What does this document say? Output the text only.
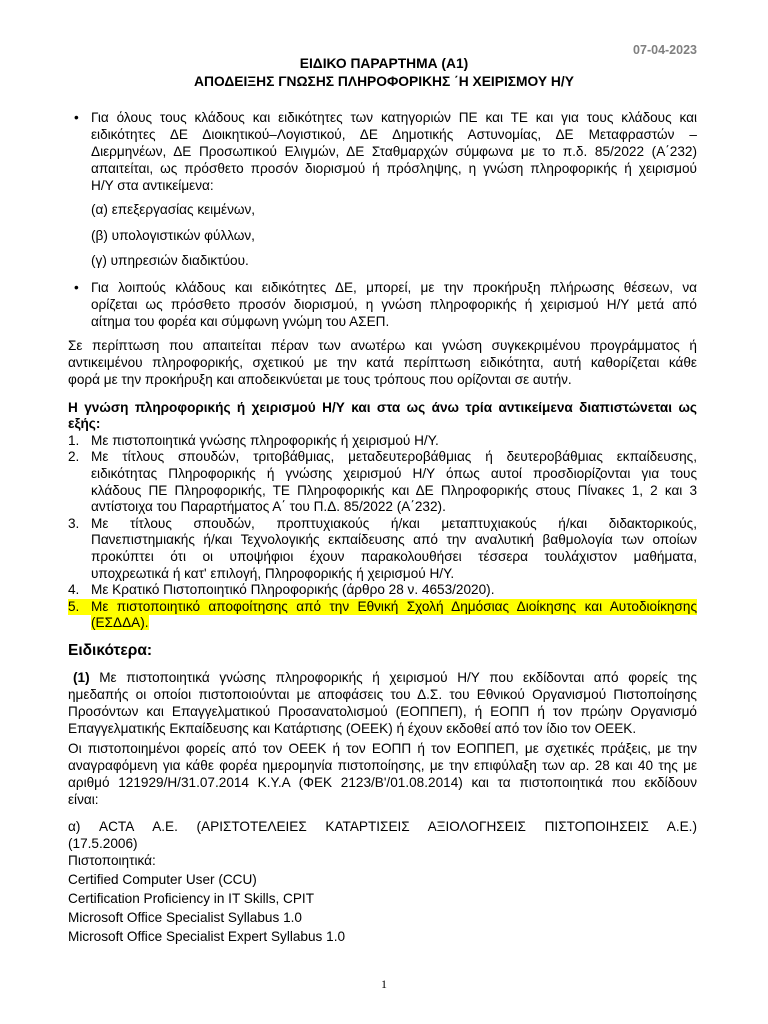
07-04-2023
ΕΙΔΙΚΟ ΠΑΡΑΡΤΗΜΑ (Α1)
ΑΠΟΔΕΙΞΗΣ ΓΝΩΣΗΣ ΠΛΗΡΟΦΟΡΙΚΗΣ ΄Η ΧΕΙΡΙΣΜΟΥ Η/Υ
• Για όλους τους κλάδους και ειδικότητες των κατηγοριών ΠΕ και ΤΕ και για τους κλάδους και
ειδικότητες ΔΕ Διοικητικού–Λογιστικού, ΔΕ Δημοτικής Αστυνομίας, ΔΕ Μεταφραστών –
Διερμηνέων, ΔΕ Προσωπικού Ελιγμών, ΔΕ Σταθμαρχών σύμφωνα με το π.δ. 85/2022 (Α΄232)
απαιτείται, ως πρόσθετο προσόν διορισμού ή πρόσληψης, η γνώση πληροφορικής ή χειρισμού
Η/Υ στα αντικείμενα:
(α) επεξεργασίας κειμένων,
(β) υπολογιστικών φύλλων,
(γ) υπηρεσιών διαδικτύου.
• Για λοιπούς κλάδους και ειδικότητες ΔΕ, μπορεί, με την προκήρυξη πλήρωσης θέσεων, να
ορίζεται ως πρόσθετο προσόν διορισμού, η γνώση πληροφορικής ή χειρισμού Η/Υ μετά από
αίτημα του φορέα και σύμφωνη γνώμη του ΑΣΕΠ.
Σε περίπτωση που απαιτείται πέραν των ανωτέρω και γνώση συγκεκριμένου προγράμματος ή
αντικειμένου πληροφορικής, σχετικού με την κατά περίπτωση ειδικότητα, αυτή καθορίζεται κάθε
φορά με την προκήρυξη και αποδεικνύεται με τους τρόπους που ορίζονται σε αυτήν.
Η γνώση πληροφορικής ή χειρισμού Η/Υ και στα ως άνω τρία αντικείμενα διαπιστώνεται ως
εξής:
1. Με πιστοποιητικά γνώσης πληροφορικής ή χειρισμού Η/Υ.
2. Με τίτλους σπουδών, τριτοβάθμιας, μεταδευτεροβάθμιας ή δευτεροβάθμιας εκπαίδευσης,
ειδικότητας Πληροφορικής ή γνώσης χειρισμού Η/Υ όπως αυτοί προσδιορίζονται για τους
κλάδους ΠΕ Πληροφορικής, ΤΕ Πληροφορικής και ΔΕ Πληροφορικής στους Πίνακες 1, 2 και 3
αντίστοιχα του Παραρτήματος Α΄ του Π.Δ. 85/2022 (Α΄232).
3. Με τίτλους σπουδών, προπτυχιακούς ή/και μεταπτυχιακούς ή/και διδακτορικούς,
Πανεπιστημιακής ή/και Τεχνολογικής εκπαίδευσης από την αναλυτική βαθμολογία των οποίων
προκύπτει ότι οι υποψήφιοι έχουν παρακολουθήσει τέσσερα τουλάχιστον μαθήματα,
υποχρεωτικά ή κατ' επιλογή, Πληροφορικής ή χειρισμού Η/Υ.
4. Με Κρατικό Πιστοποιητικό Πληροφορικής (άρθρο 28 ν. 4653/2020).
5. Με πιστοποιητικό αποφοίτησης από την Εθνική Σχολή Δημόσιας Διοίκησης και Αυτοδιοίκησης
(ΕΣΔΔΑ).
Ειδικότερα:
(1) Με πιστοποιητικά γνώσης πληροφορικής ή χειρισμού Η/Υ που εκδίδονται από φορείς της
ημεδαπής οι οποίοι πιστοποιούνται με αποφάσεις του Δ.Σ. του Εθνικού Οργανισμού Πιστοποίησης
Προσόντων και Επαγγελματικού Προσανατολισμού (ΕΟΠΠΕΠ), ή ΕΟΠΠ ή τον πρώην Οργανισμό
Επαγγελματικής Εκπαίδευσης και Κατάρτισης (ΟΕΕΚ) ή έχουν εκδοθεί από τον ίδιο τον ΟΕΕΚ.
Οι πιστοποιημένοι φορείς από τον ΟΕΕΚ ή τον ΕΟΠΠ ή τον ΕΟΠΠΕΠ, με σχετικές πράξεις, με την
αναγραφόμενη για κάθε φορέα ημερομηνία πιστοποίησης, με την επιφύλαξη των αρ. 28 και 40 της με
αριθμό 121929/Η/31.07.2014 Κ.Υ.Α (ΦΕΚ 2123/Β'/01.08.2014) και τα πιστοποιητικά που εκδίδουν
είναι:
α) ACTA Α.Ε. (ΑΡΙΣΤΟΤΕΛΕΙΕΣ ΚΑΤΑΡΤΙΣΕΙΣ ΑΞΙΟΛΟΓΗΣΕΙΣ ΠΙΣΤΟΠΟΙΗΣΕΙΣ Α.Ε.)
(17.5.2006)
Πιστοποιητικά:
Certified Computer User (CCU)
Certification Proficiency in IT Skills, CPIT
Microsoft Office Specialist Syllabus 1.0
Microsoft Office Specialist Expert Syllabus 1.0
1
